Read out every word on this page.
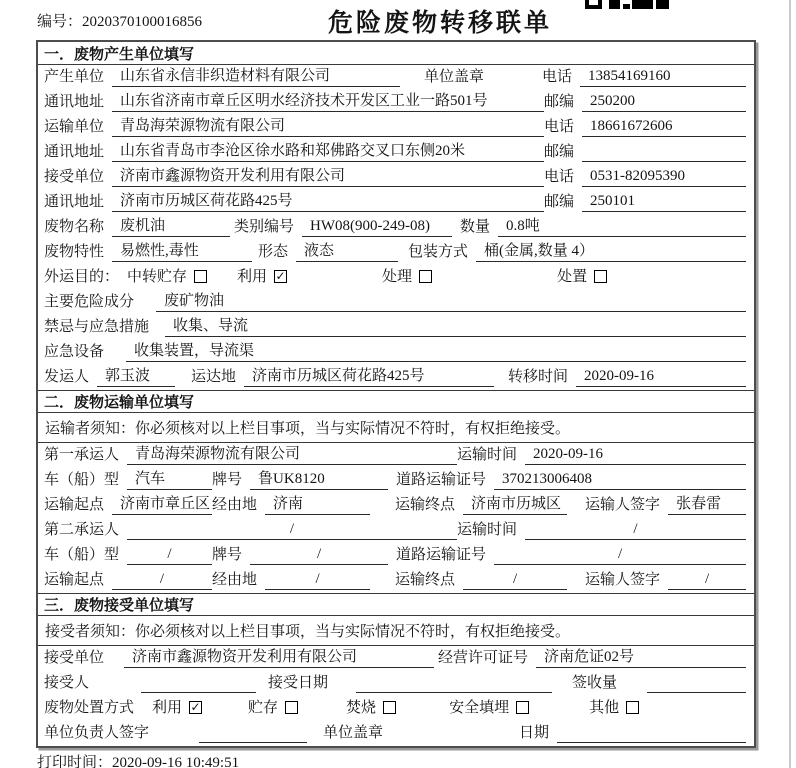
编号：2020370100016856	危险废物转移联单
一．废物产生单位填写
产生单位	山东省永信非织造材料有限公司	单位盖章	电话	13854169160
通讯地址	山东省济南市章丘区明水经济技术开发区工业一路501号	邮编	250200
运输单位	青岛海荣源物流有限公司	电话	18661672606
通讯地址	山东省青岛市李沧区徐水路和郑佛路交叉口东侧20米	邮编
接受单位	济南市鑫源物资开发利用有限公司	电话	0531-82095390
通讯地址	济南市历城区荷花路425号	邮编	250101
废物名称	废机油	类别编号	HW08(900-249-08)	数量	0.8吨
废物特性	易燃性,毒性	形态	液态	包装方式	桶(金属,数量 4）
外运目的： 中转贮存	利用 ✓	处理	处置
主要危险成分	废矿物油
禁忌与应急措施	收集、导流
应急设备	收集装置，导流渠
发运人	郭玉波	运达地	济南市历城区荷花路425号	转移时间	2020-09-16
二．废物运输单位填写
运输者须知：你必须核对以上栏目事项，当与实际情况不符时，有权拒绝接受。
第一承运人	青岛海荣源物流有限公司	运输时间	2020-09-16
车（船）型	汽车	牌号	鲁UK8120	道路运输证号	370213006408
运输起点	济南市章丘区 经由地	济南	运输终点	济南市历城区	运输人签字	张春雷
第二承运人	/	运输时间	/
车（船）型	/	牌号	/	道路运输证号	/
运输起点	/	经由地	/	运输终点	/	运输人签字	/
三．废物接受单位填写
接受者须知：你必须核对以上栏目事项，当与实际情况不符时，有权拒绝接受。
接受单位	济南市鑫源物资开发利用有限公司	经营许可证号	济南危证02号
接受人	接受日期	签收量
废物处置方式 利用 ✓	贮存	焚烧	安全填埋	其他
单位负责人签字	单位盖章	日期
打印时间：2020-09-16 10:49:51
